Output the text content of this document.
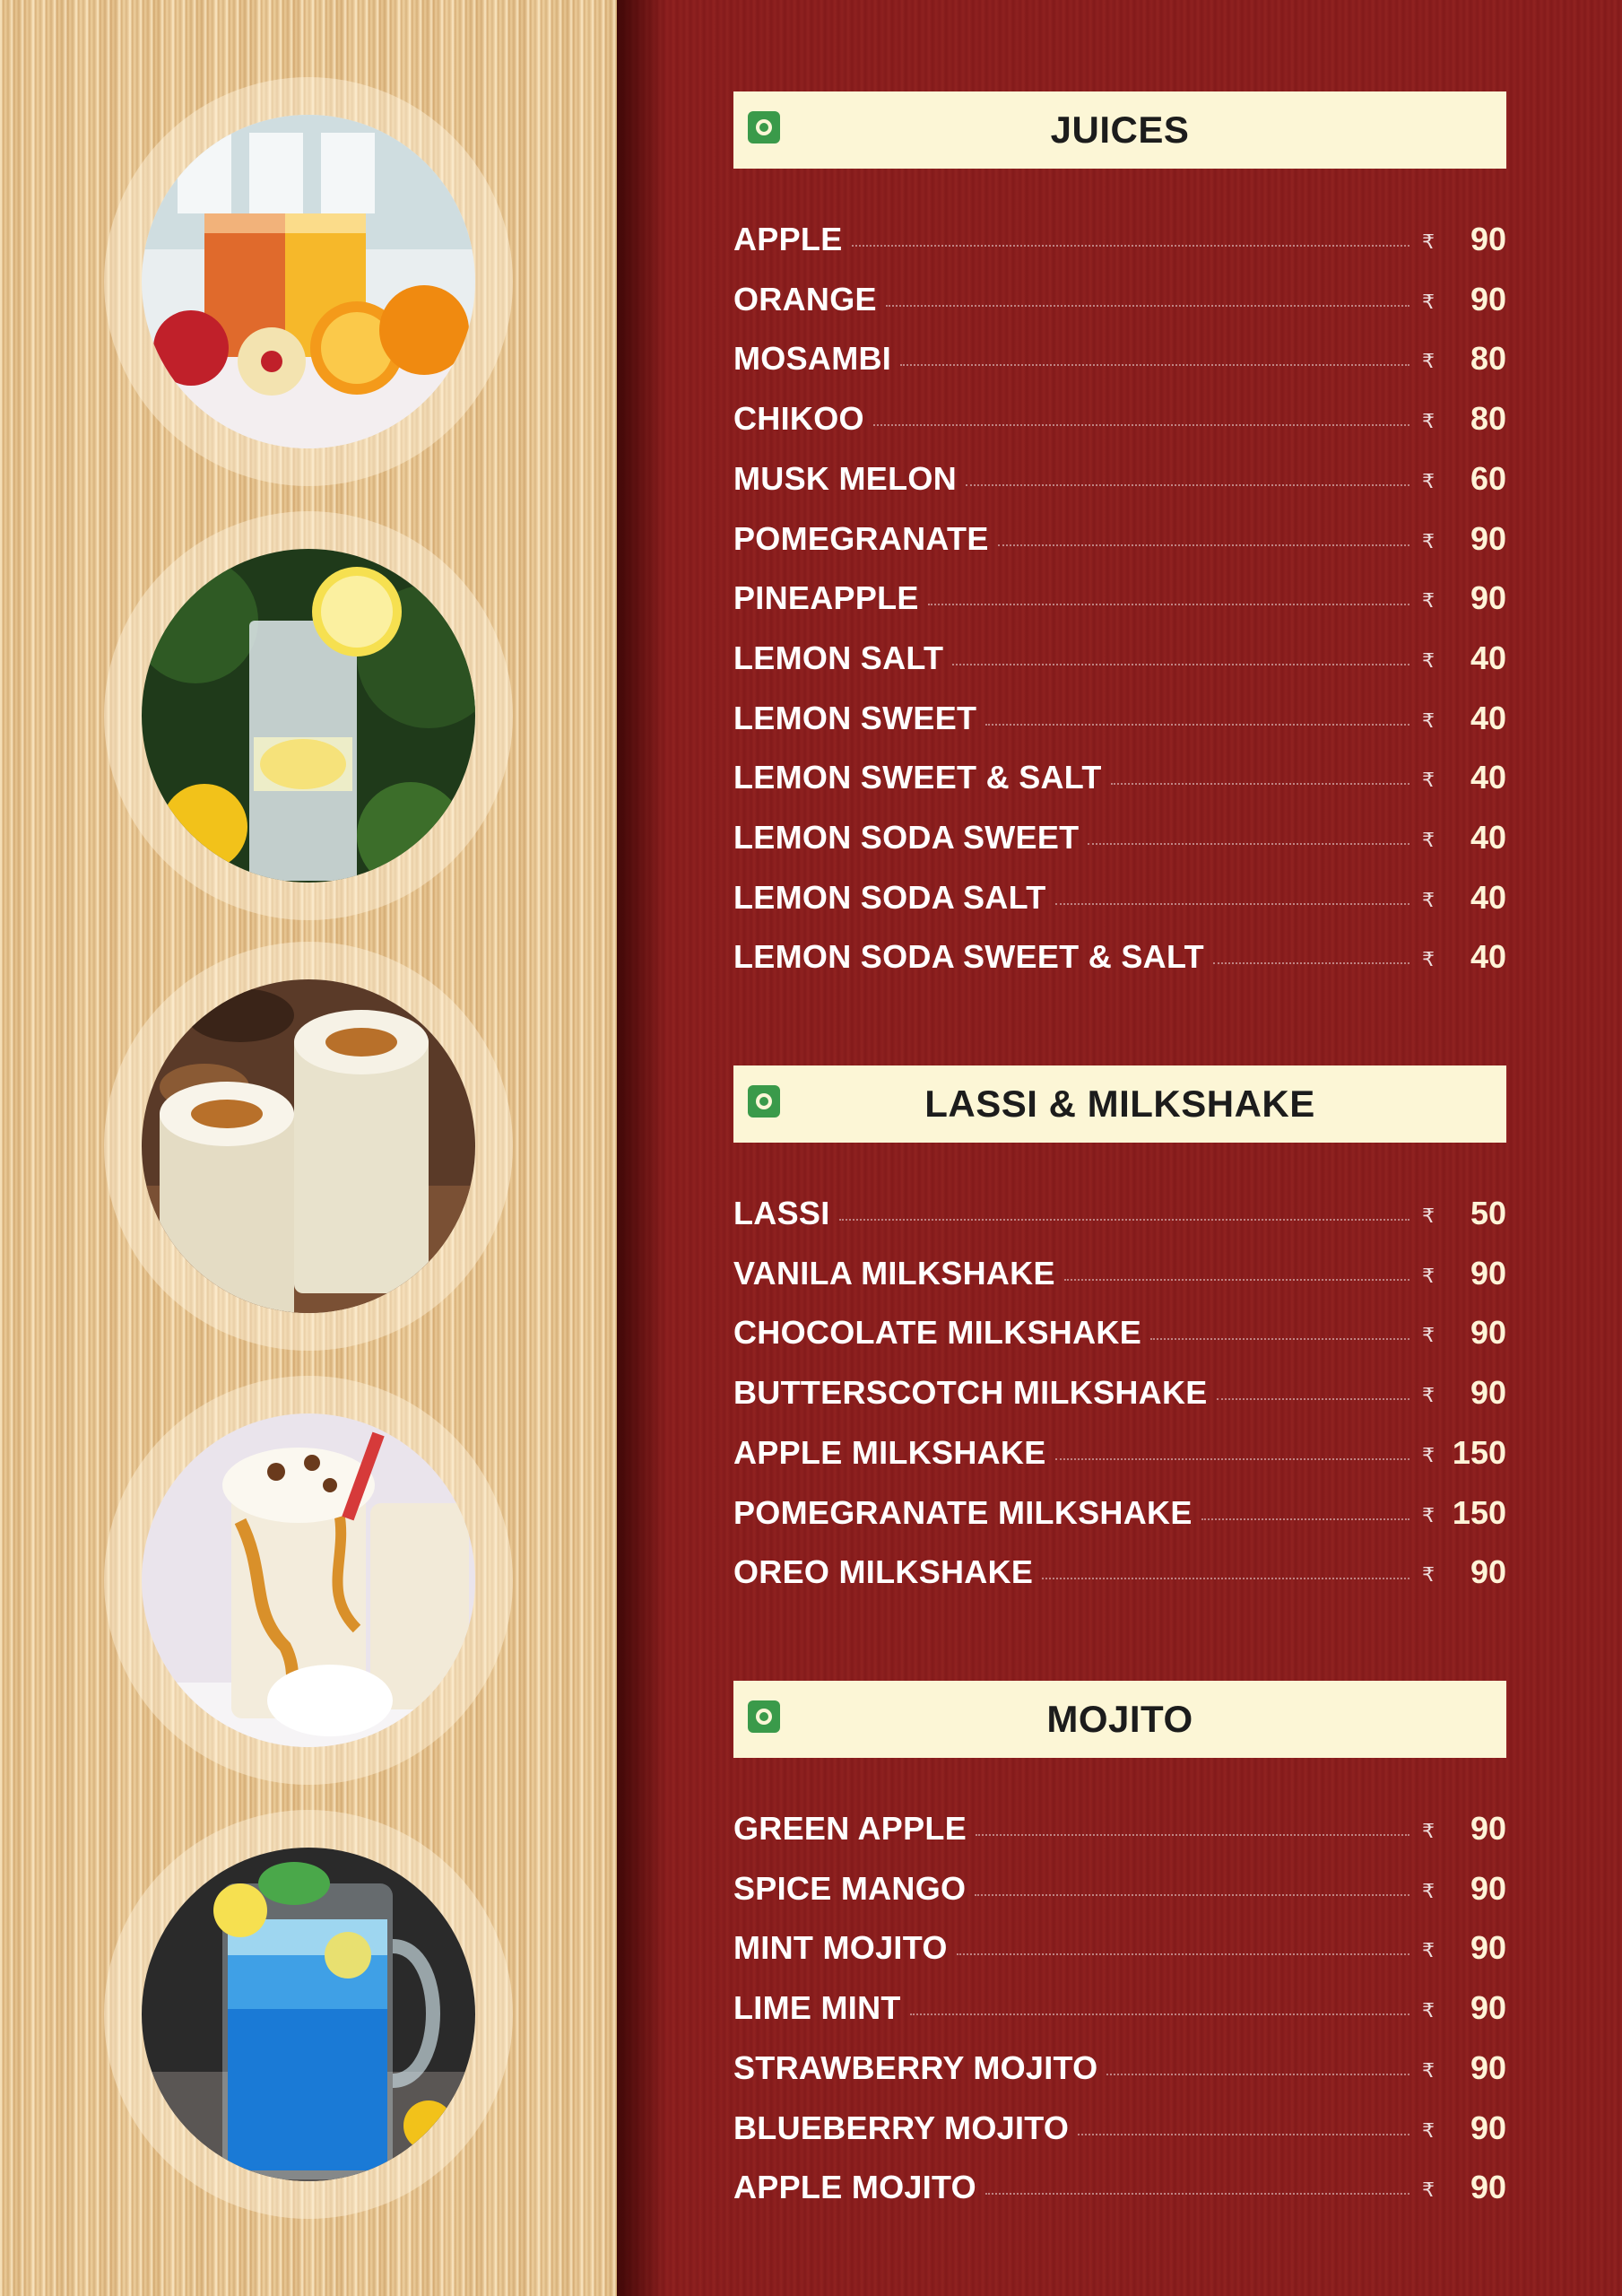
JUICES
APPLE	₹	90
ORANGE	₹	90
MOSAMBI	₹	80
CHIKOO	₹	80
MUSK MELON	₹	60
POMEGRANATE	₹	90
PINEAPPLE	₹	90
LEMON SALT	₹	40
LEMON SWEET	₹	40
LEMON SWEET & SALT	₹	40
LEMON SODA SWEET	₹	40
LEMON SODA SALT	₹	40
LEMON SODA SWEET & SALT	₹	40
LASSI & MILKSHAKE
LASSI	₹	50
VANILA MILKSHAKE	₹	90
CHOCOLATE MILKSHAKE	₹	90
BUTTERSCOTCH MILKSHAKE	₹	90
APPLE MILKSHAKE	₹ 150
POMEGRANATE MILKSHAKE	₹ 150
OREO MILKSHAKE	₹	90
MOJITO
GREEN APPLE	₹	90
SPICE MANGO	₹	90
MINT MOJITO	₹	90
LIME MINT	₹	90
STRAWBERRY MOJITO	₹	90
BLUEBERRY MOJITO	₹	90
APPLE MOJITO	₹	90
